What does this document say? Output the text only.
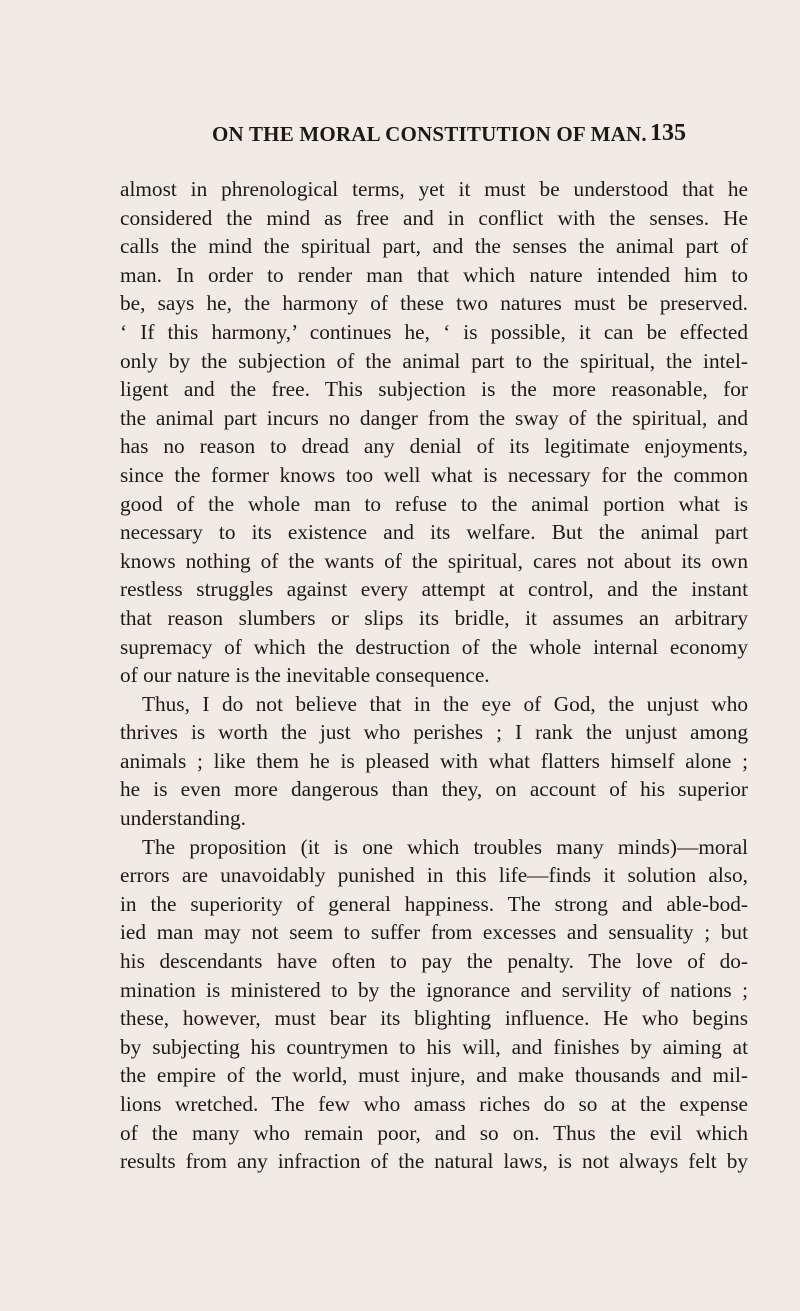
ON THE MORAL CONSTITUTION OF MAN. 135
almost in phrenological terms, yet it must be understood that he
considered the mind as free and in conflict with the senses. He
calls the mind the spiritual part, and the senses the animal part of
man. In order to render man that which nature intended him to
be, says he, the harmony of these two natures must be preserved.
‘ If this harmony,’ continues he, ‘ is possible, it can be effected
only by the subjection of the animal part to the spiritual, the intel-
ligent and the free. This subjection is the more reasonable, for
the animal part incurs no danger from the sway of the spiritual, and
has no reason to dread any denial of its legitimate enjoyments,
since the former knows too well what is necessary for the common
good of the whole man to refuse to the animal portion what is
necessary to its existence and its welfare. But the animal part
knows nothing of the wants of the spiritual, cares not about its own
restless struggles against every attempt at control, and the instant
that reason slumbers or slips its bridle, it assumes an arbitrary
supremacy of which the destruction of the whole internal economy
of our nature is the inevitable consequence.
Thus, I do not believe that in the eye of God, the unjust who
thrives is worth the just who perishes ; I rank the unjust among
animals ; like them he is pleased with what flatters himself alone ;
he is even more dangerous than they, on account of his superior
understanding.
The proposition (it is one which troubles many minds)—moral
errors are unavoidably punished in this life—finds it solution also,
in the superiority of general happiness. The strong and able-bod-
ied man may not seem to suffer from excesses and sensuality ; but
his descendants have often to pay the penalty. The love of do-
mination is ministered to by the ignorance and servility of nations ;
these, however, must bear its blighting influence. He who begins
by subjecting his countrymen to his will, and finishes by aiming at
the empire of the world, must injure, and make thousands and mil-
lions wretched. The few who amass riches do so at the expense
of the many who remain poor, and so on. Thus the evil which
results from any infraction of the natural laws, is not always felt by
